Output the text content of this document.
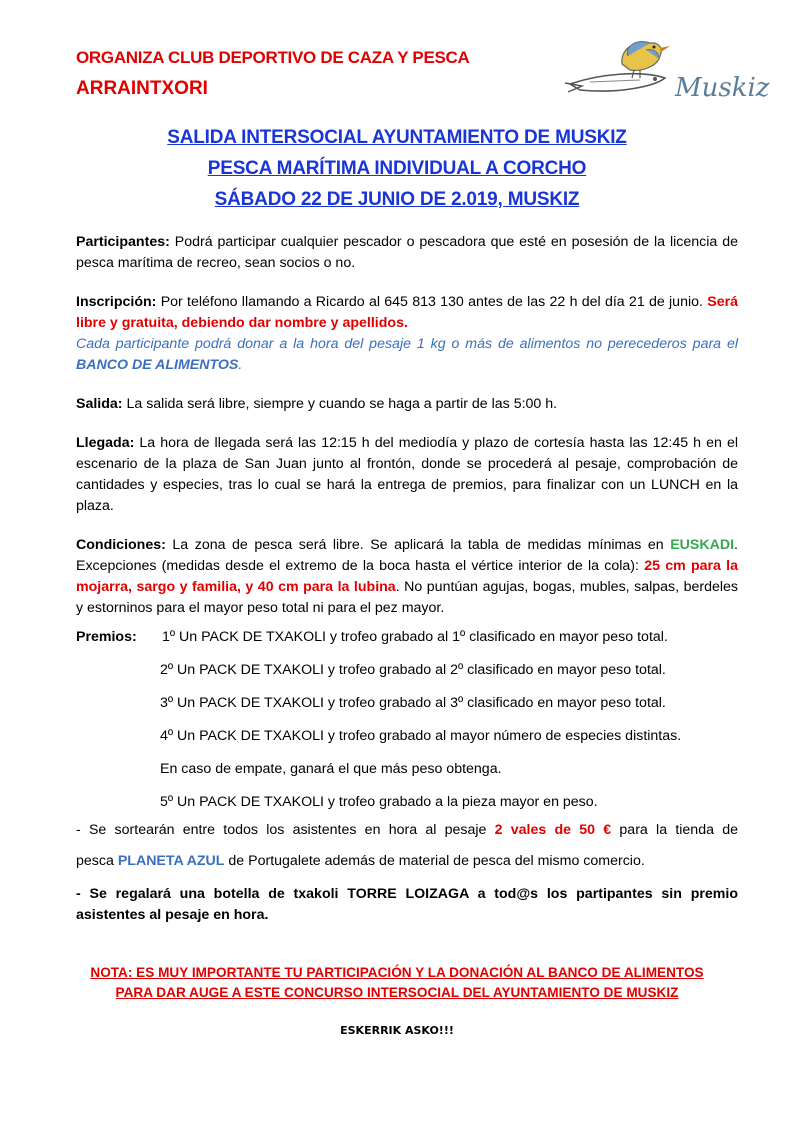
ORGANIZA CLUB DEPORTIVO DE CAZA Y PESCA
ARRAINTXORI	Muskiz
SALIDA INTERSOCIAL AYUNTAMIENTO DE MUSKIZ
PESCA MARÍTIMA INDIVIDUAL A CORCHO
SÁBADO 22 DE JUNIO DE 2.019, MUSKIZ

Participantes: Podrá participar cualquier pescador o pescadora que esté en posesión de la licencia de pesca marítima de recreo, sean socios o no.

Inscripción: Por teléfono llamando a Ricardo al 645 813 130 antes de las 22 h del día 21 de junio. Será libre y gratuita, debiendo dar nombre y apellidos.

Cada participante podrá donar a la hora del pesaje 1 kg o más de alimentos no perecederos para el BANCO DE ALIMENTOS.

Salida: La salida será libre, siempre y cuando se haga a partir de las 5:00 h.

Llegada: La hora de llegada será las 12:15 h del mediodía y plazo de cortesía hasta las 12:45 h en el escenario de la plaza de San Juan junto al frontón, donde se procederá al pesaje, comprobación de cantidades y especies, tras lo cual se hará la entrega de premios, para finalizar con un LUNCH en la plaza.

Condiciones: La zona de pesca será libre. Se aplicará la tabla de medidas mínimas en EUSKADI. Excepciones (medidas desde el extremo de la boca hasta el vértice interior de la cola): 25 cm para la mojarra, sargo y familia, y 40 cm para la lubina. No puntúan agujas, bogas, mubles, salpas, berdeles y estorninos para el mayor peso total ni para el pez mayor.

Premios: 1º Un PACK DE TXAKOLI y trofeo grabado al 1º clasificado en mayor peso total.
2º Un PACK DE TXAKOLI y trofeo grabado al 2º clasificado en mayor peso total.
3º Un PACK DE TXAKOLI y trofeo grabado al 3º clasificado en mayor peso total.
4º Un PACK DE TXAKOLI y trofeo grabado al mayor número de especies distintas.
En caso de empate, ganará el que más peso obtenga.
5º Un PACK DE TXAKOLI y trofeo grabado a la pieza mayor en peso.
- Se sortearán entre todos los asistentes en hora al pesaje 2 vales de 50 € para la tienda de
pesca PLANETA AZUL de Portugalete además de material de pesca del mismo comercio.
- Se regalará una botella de txakoli TORRE LOIZAGA a tod@s los partipantes sin premio asistentes al pesaje en hora.
NOTA: ES MUY IMPORTANTE TU PARTICIPACIÓN Y LA DONACIÓN AL BANCO DE ALIMENTOS
PARA DAR AUGE A ESTE CONCURSO INTERSOCIAL DEL AYUNTAMIENTO DE MUSKIZ
ESKERRIK ASKO!!!
